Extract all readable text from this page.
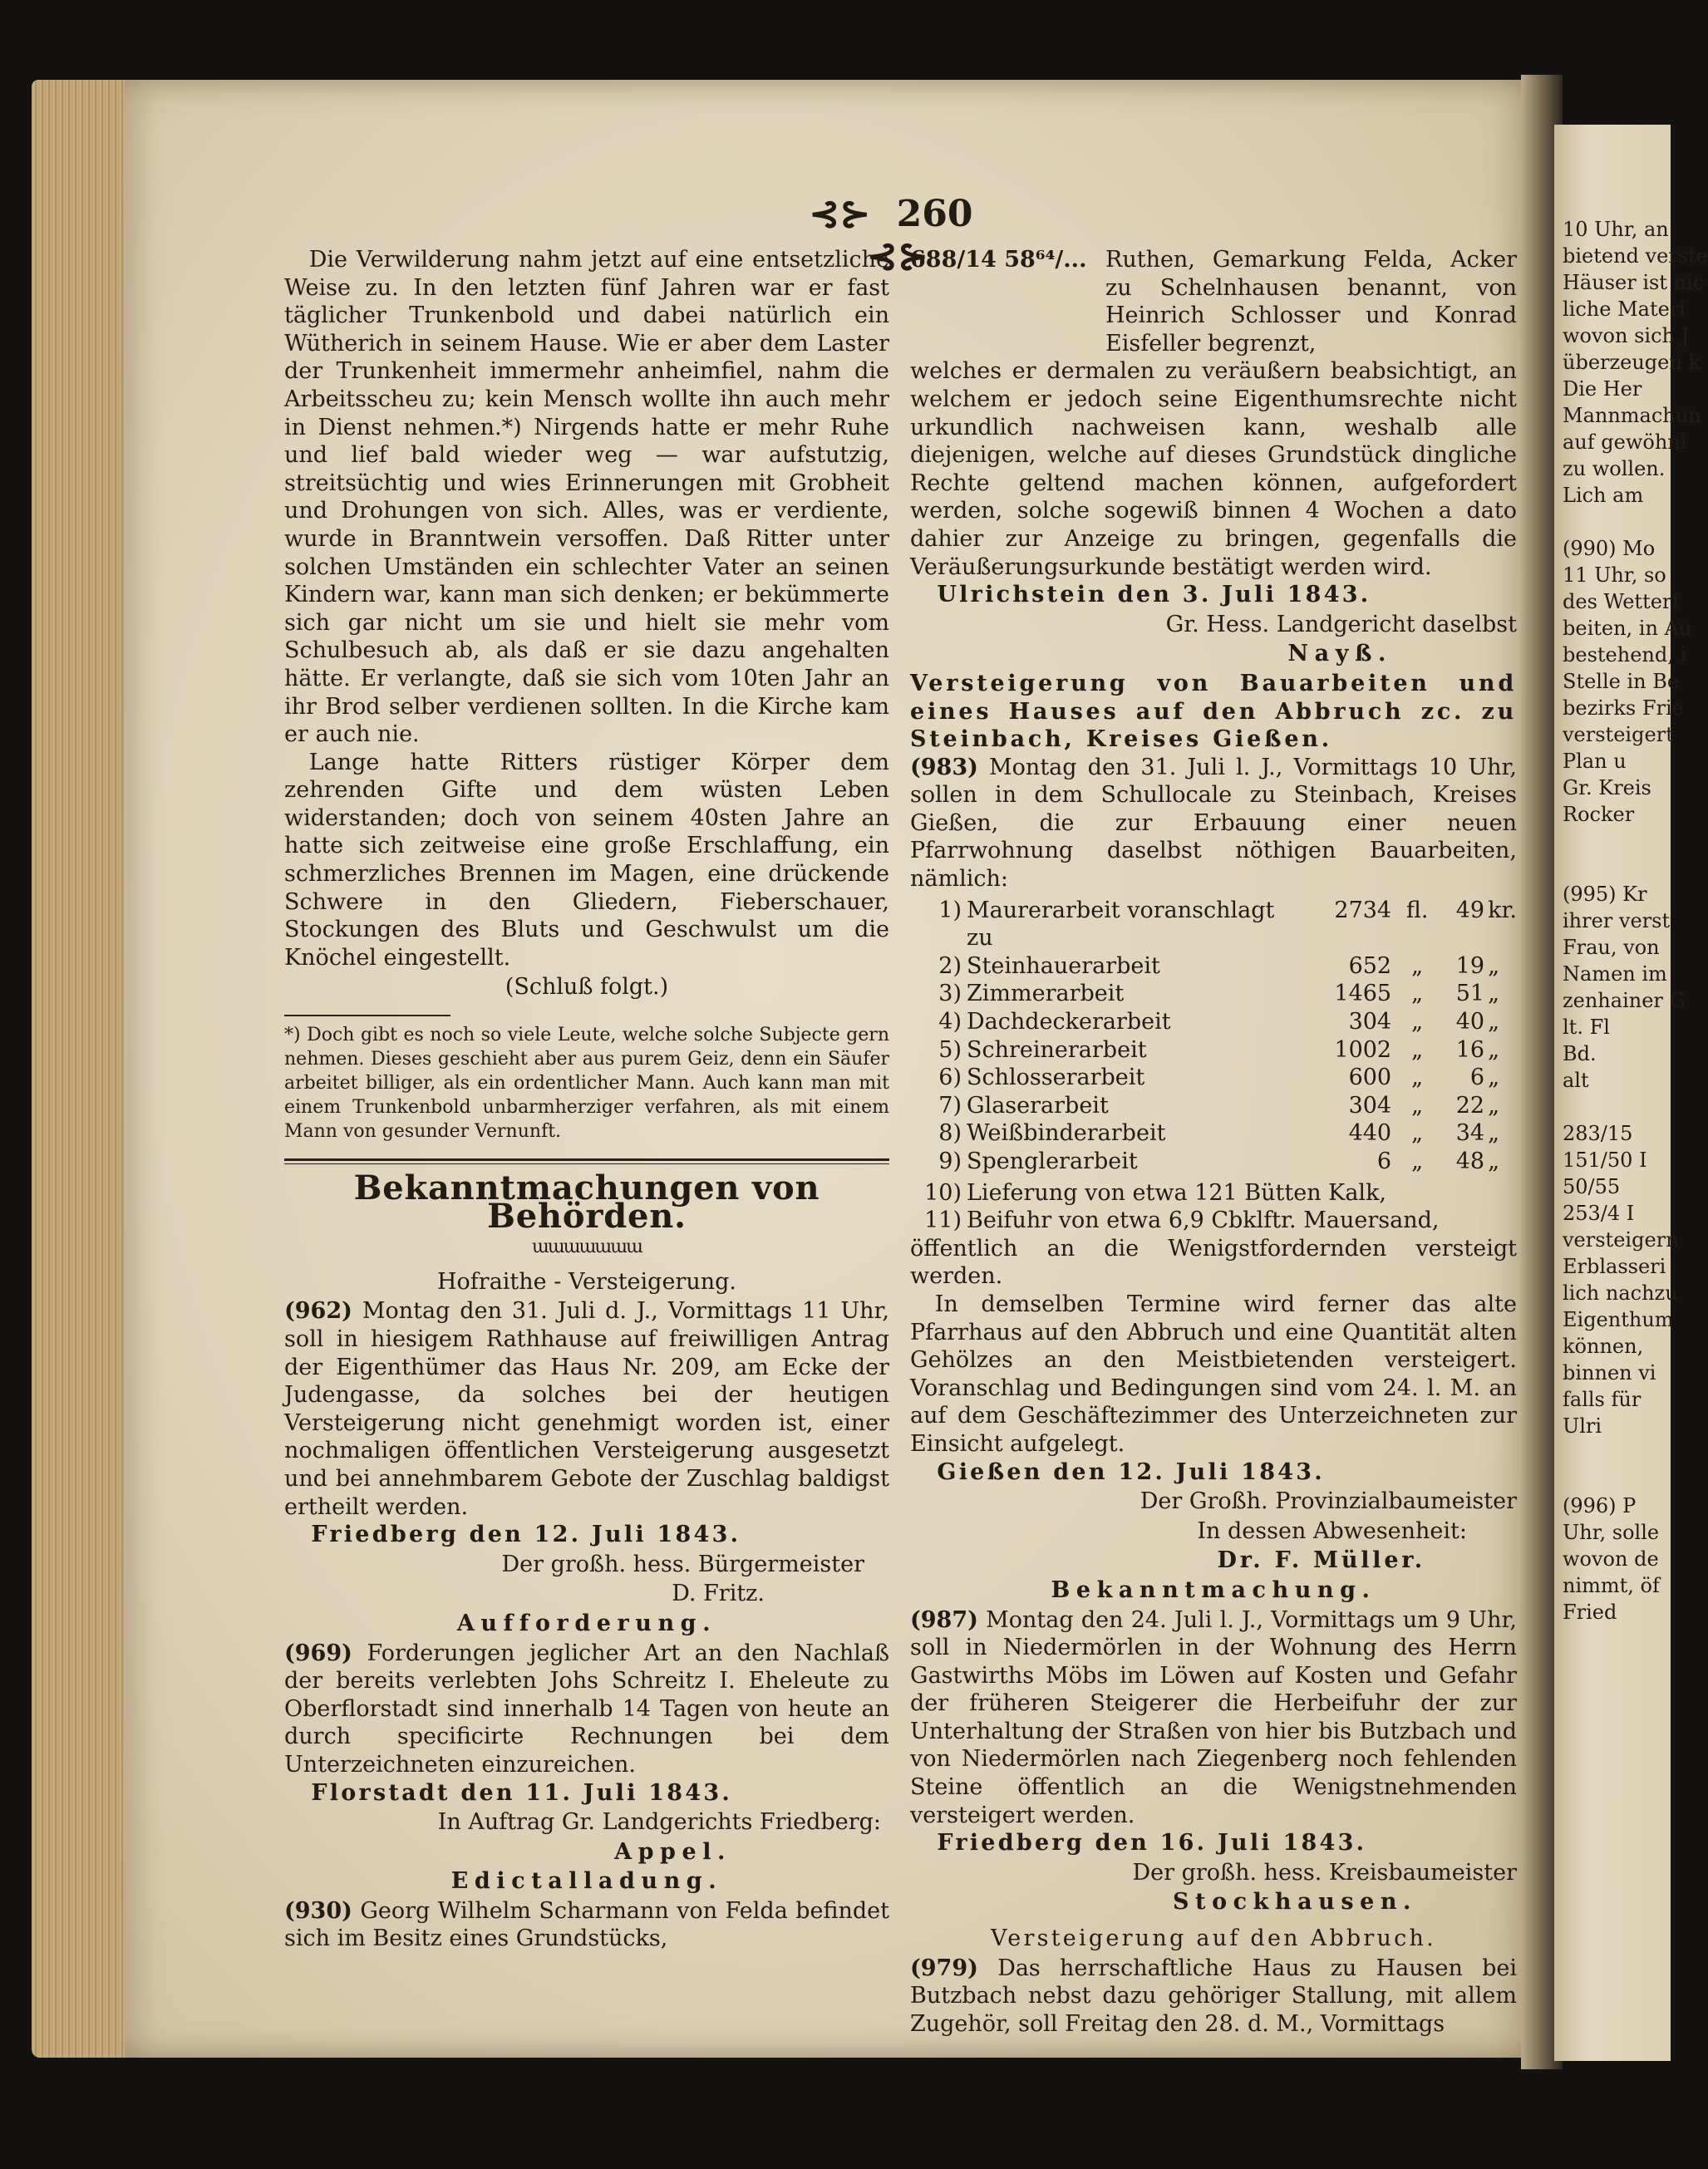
⊰⊱ 260 ⊰⊱
Die Verwilderung nahm jetzt auf eine entsetzliche Weise zu. In den letzten fünf Jahren war er fast täglicher Trunkenbold und dabei natürlich ein Wütherich in seinem Hause. Wie er aber dem Laster der Trunkenheit immermehr anheimfiel, nahm die Arbeitsscheu zu; kein Mensch wollte ihn auch mehr in Dienst nehmen.*) Nirgends hatte er mehr Ruhe und lief bald wieder weg — war aufstutzig, streitsüchtig und wies Erinnerungen mit Grobheit und Drohungen von sich. Alles, was er verdiente, wurde in Branntwein versoffen. Daß Ritter unter solchen Umständen ein schlechter Vater an seinen Kindern war, kann man sich denken; er bekümmerte sich gar nicht um sie und hielt sie mehr vom Schulbesuch ab, als daß er sie dazu angehalten hätte. Er verlangte, daß sie sich vom 10ten Jahr an ihr Brod selber verdienen sollten. In die Kirche kam er auch nie.
Lange hatte Ritters rüstiger Körper dem zehrenden Gifte und dem wüsten Leben widerstanden; doch von seinem 40sten Jahre an hatte sich zeitweise eine große Erschlaffung, ein schmerzliches Brennen im Magen, eine drückende Schwere in den Gliedern, Fieberschauer, Stockungen des Bluts und Geschwulst um die Knöchel eingestellt.
(Schluß folgt.)
*) Doch gibt es noch so viele Leute, welche solche Subjecte gern nehmen. Dieses geschieht aber aus purem Geiz, denn ein Säufer arbeitet billiger, als ein ordentlicher Mann. Auch kann man mit einem Trunkenbold unbarmherziger verfahren, als mit einem Mann von gesunder Vernunft.
Bekanntmachungen von Behörden.
ɯɯɯɯɯɯɯ
Hofraithe - Versteigerung.
(962) Montag den 31. Juli d. J., Vormittags 11 Uhr, soll in hiesigem Rathhause auf freiwilligen Antrag der Eigenthümer das Haus Nr. 209, am Ecke der Judengasse, da solches bei der heutigen Versteigerung nicht genehmigt worden ist, einer nochmaligen öffentlichen Versteigerung ausgesetzt und bei annehmbarem Gebote der Zuschlag baldigst ertheilt werden.
Friedberg den 12. Juli 1843.
Der großh. hess. Bürgermeister
D. Fritz.
Aufforderung.
(969) Forderungen jeglicher Art an den Nachlaß der bereits verlebten Johs Schreitz I. Eheleute zu Oberflorstadt sind innerhalb 14 Tagen von heute an durch specificirte Rechnungen bei dem Unterzeichneten einzureichen.
Florstadt den 11. Juli 1843.
In Auftrag Gr. Landgerichts Friedberg:
Appel.
Edictalladung.
(930) Georg Wilhelm Scharmann von Felda befindet sich im Besitz eines Grundstücks,
688/14 58⁶⁴/... Ruthen, Gemarkung Felda, Acker zu Schelnhausen benannt, von Heinrich Schlosser und Konrad Eisfeller begrenzt,
welches er dermalen zu veräußern beabsichtigt, an welchem er jedoch seine Eigenthumsrechte nicht urkundlich nachweisen kann, weshalb alle diejenigen, welche auf dieses Grundstück dingliche Rechte geltend machen können, aufgefordert werden, solche sogewiß binnen 4 Wochen a dato dahier zur Anzeige zu bringen, gegenfalls die Veräußerungsurkunde bestätigt werden wird.
Ulrichstein den 3. Juli 1843.
Gr. Hess. Landgericht daselbst
Nayß.
Versteigerung von Bauarbeiten und eines Hauses auf den Abbruch zc. zu Steinbach, Kreises Gießen.
(983) Montag den 31. Juli l. J., Vormittags 10 Uhr, sollen in dem Schullocale zu Steinbach, Kreises Gießen, die zur Erbauung einer neuen Pfarrwohnung daselbst nöthigen Bauarbeiten, nämlich:
1)	Maurerarbeit voranschlagt zu	2734	fl.	49	kr.
2)	Steinhauerarbeit	652	„	19	„
3)	Zimmerarbeit	1465	„	51	„
4)	Dachdeckerarbeit	304	„	40	„
5)	Schreinerarbeit	1002	„	16	„
6)	Schlosserarbeit	600	„	6	„
7)	Glaserarbeit	304	„	22	„
8)	Weißbinderarbeit	440	„	34	„
9)	Spenglerarbeit	6	„	48	„
10) Lieferung von etwa 121 Bütten Kalk,
11) Beifuhr von etwa 6,9 Cbklftr. Mauersand,
öffentlich an die Wenigstfordernden versteigt werden.
In demselben Termine wird ferner das alte Pfarrhaus auf den Abbruch und eine Quantität alten Gehölzes an den Meistbietenden versteigert. Voranschlag und Bedingungen sind vom 24. l. M. an auf dem Geschäftezimmer des Unterzeichneten zur Einsicht aufgelegt.
Gießen den 12. Juli 1843.
Der Großh. Provinzialbaumeister
In dessen Abwesenheit:
Dr. F. Müller.
Bekanntmachung.
(987) Montag den 24. Juli l. J., Vormittags um 9 Uhr, soll in Niedermörlen in der Wohnung des Herrn Gastwirths Möbs im Löwen auf Kosten und Gefahr der früheren Steigerer die Herbeifuhr der zur Unterhaltung der Straßen von hier bis Butzbach und von Niedermörlen nach Ziegenberg noch fehlenden Steine öffentlich an die Wenigstnehmenden versteigert werden.
Friedberg den 16. Juli 1843.
Der großh. hess. Kreisbaumeister
Stockhausen.
Versteigerung auf den Abbruch.
(979) Das herrschaftliche Haus zu Hausen bei Butzbach nebst dazu gehöriger Stallung, mit allem Zugehör, soll Freitag den 28. d. M., Vormittags
10 Uhr, an
bietend verste
Häuser ist nic
liche Materi
wovon sich J
überzeugen k
Die Her
Mannmachun
auf gewöhnl
zu wollen.
Lich am

(990) Mo
11 Uhr, so
des Wetterf
beiten, in Au
bestehend, i
Stelle in Be
bezirks Frie
versteigert
Plan u
Gr. Kreis
Rocker

(995) Kr
ihrer verst
Frau, von
Namen im
zenhainer G
lt. Fl
Bd.
alt

283/15
151/50 I
50/55
253/4 I
versteigern
Erblasseri
lich nachzu
Eigenthum
können,
binnen vi
falls für
Ulri

(996) P
Uhr, solle
wovon de
nimmt, öf
Fried
